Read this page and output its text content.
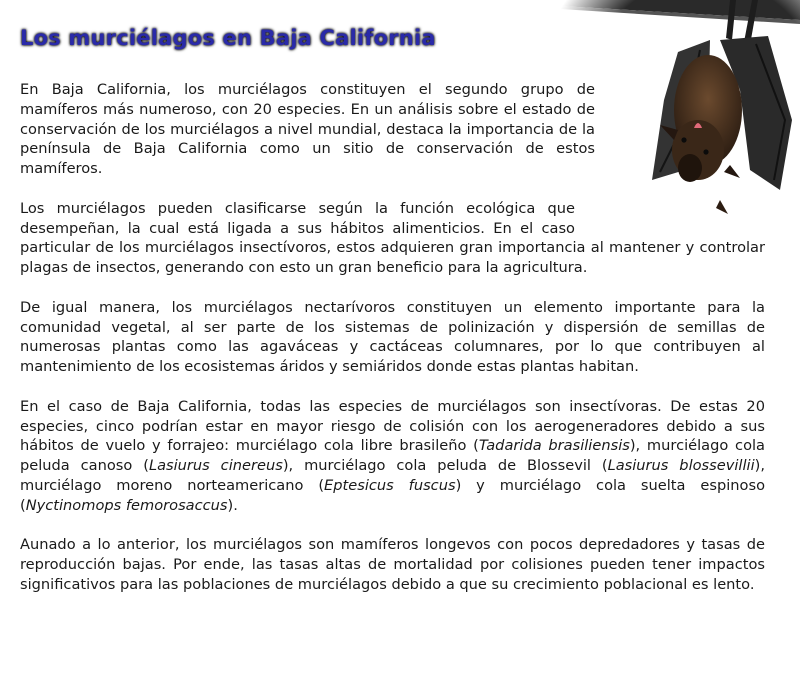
Los murciélagos en Baja California

En Baja California, los murciélagos constituyen el segundo grupo de mamíferos más numeroso, con 20 especies. En un análisis sobre el estado de conservación de los murciélagos a nivel mundial, destaca la importancia de la península de Baja California como un sitio de conservación de estos mamíferos.

Los murciélagos pueden clasificarse según la función ecológica que desempeñan, la cual está ligada a sus hábitos alimenticios. En el caso particular de los murciélagos insectívoros, estos adquieren gran importancia al mantener y controlar plagas de insectos, generando con esto un gran beneficio para la agricultura.

De igual manera, los murciélagos nectarívoros constituyen un elemento importante para la comunidad vegetal, al ser parte de los sistemas de polinización y dispersión de semillas de numerosas plantas como las agaváceas y cactáceas columnares, por lo que contribuyen al mantenimiento de los ecosistemas áridos y semiáridos donde estas plantas habitan.

En el caso de Baja California, todas las especies de murciélagos son insectívoras. De estas 20 especies, cinco podrían estar en mayor riesgo de colisión con los aerogeneradores debido a sus hábitos de vuelo y forrajeo: murciélago cola libre brasileño (Tadarida brasiliensis), murciélago cola peluda canoso (Lasiurus cinereus), murciélago cola peluda de Blossevil (Lasiurus blossevillii), murciélago moreno norteamericano (Eptesicus fuscus) y murciélago cola suelta espinoso (Nyctinomops femorosaccus).

Aunado a lo anterior, los murciélagos son mamíferos longevos con pocos depredadores y tasas de reproducción bajas. Por ende, las tasas altas de mortalidad por colisiones pueden tener impactos significativos para las poblaciones de murciélagos debido a que su crecimiento poblacional es lento.
